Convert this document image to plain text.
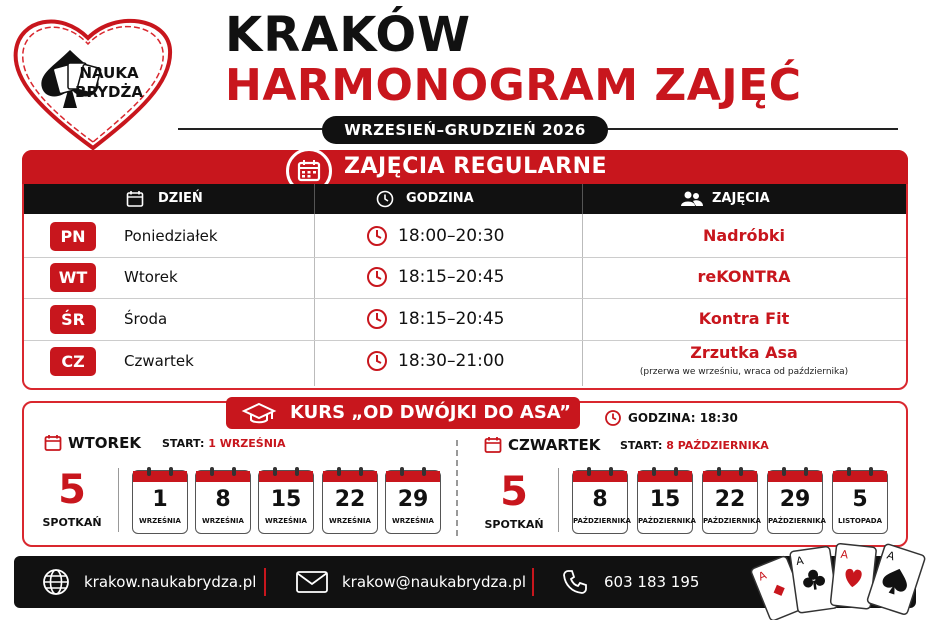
NAUKA
BRYDŻA
KRAKÓW
HARMONOGRAM ZAJĘĆ
WRZESIEŃ–GRUDZIEŃ 2026
ZAJĘCIA REGULARNE
DZIEŃ	GODZINA	ZAJĘCIA
PN	Poniedziałek	18:00–20:30	Nadróbki
WT	Wtorek	18:15–20:45	reKONTRA
ŚR	Środa	18:15–20:45	Kontra Fit
CZ	Czwartek	18:30–21:00	Zrzutka Asa
(przerwa we wrześniu, wraca od października)
KURS „OD DWÓJKI DO ASA”	GODZINA: 18:30
WTOREK START: 1 WRZEŚNIA
5
SPOTKAŃ
1
WRZEŚNIA
8
WRZEŚNIA
15
WRZEŚNIA
22
WRZEŚNIA
29
WRZEŚNIA
CZWARTEK START: 8 PAŹDZIERNIKA
5
SPOTKAŃ
8
PAŹDZIERNIKA
15
PAŹDZIERNIKA
22
PAŹDZIERNIKA
29
PAŹDZIERNIKA
5
LISTOPADA
krakow.naukabrydza.pl	krakow@naukabrydza.pl	603 183 195	A
A	A	A
